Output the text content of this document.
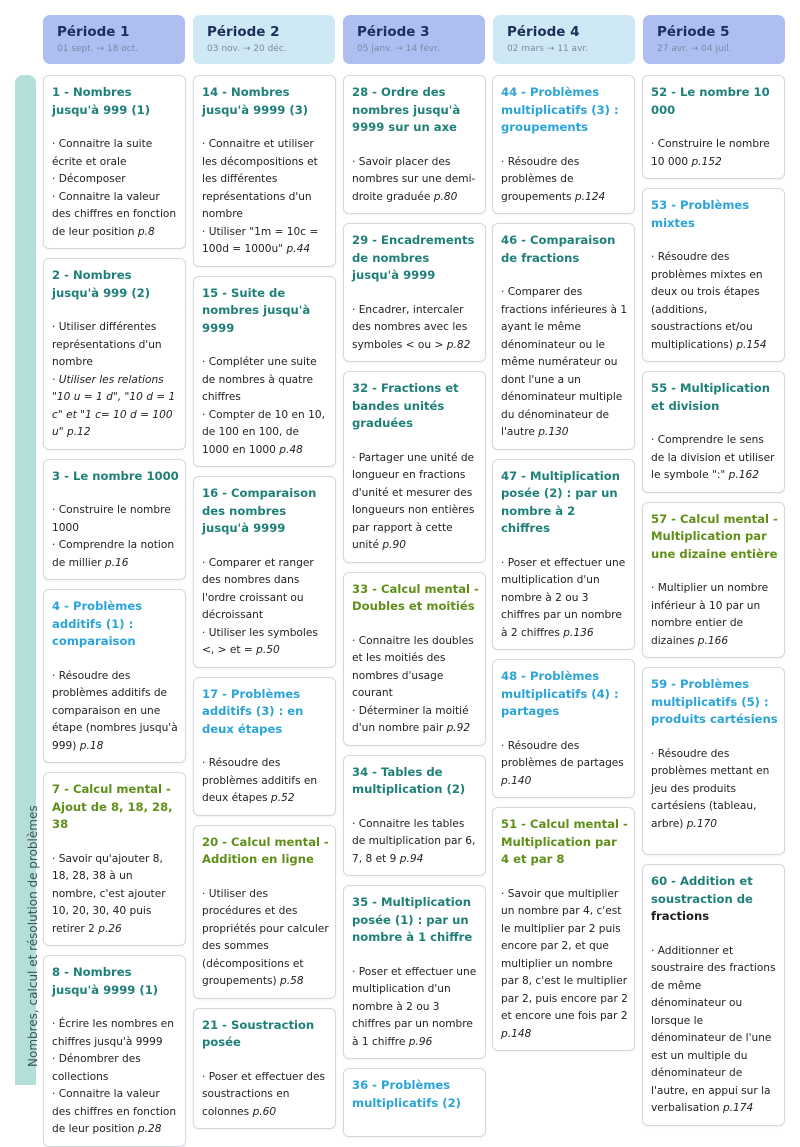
Période 1
01 sept. → 18 oct.
Période 2
03 nov. → 20 déc.
Période 3
05 janv. → 14 févr.
Période 4
02 mars → 11 avr.
Période 5
27 avr. → 04 juil.
Nombres, calcul et résolution de problèmes
1 - Nombres jusqu'à 999 (1)
· Connaitre la suite écrite et orale
· Décomposer
· Connaitre la valeur des chiffres en fonction de leur position p.8
2 - Nombres jusqu'à 999 (2)
· Utiliser différentes représentations d'un nombre
· Utiliser les relations "10 u = 1 d", "10 d = 1 c" et "1 c= 10 d = 100 u" p.12
3 - Le nombre 1000
· Construire le nombre 1000
· Comprendre la notion de millier p.16
4 - Problèmes additifs (1) : comparaison
· Résoudre des problèmes additifs de comparaison en une étape (nombres jusqu'à 999) p.18
7 - Calcul mental - Ajout de 8, 18, 28, 38
· Savoir qu'ajouter 8, 18, 28, 38 à un nombre, c'est ajouter 10, 20, 30, 40 puis retirer 2 p.26
8 - Nombres jusqu'à 9999 (1)
· Écrire les nombres en chiffres jusqu'à 9999
· Dénombrer des collections
· Connaitre la valeur des chiffres en fonction de leur position p.28
14 - Nombres jusqu'à 9999 (3)
· Connaitre et utiliser les décompositions et les différentes représentations d'un nombre
· Utiliser "1m = 10c = 100d = 1000u" p.44
15 - Suite de nombres jusqu'à 9999
· Compléter une suite de nombres à quatre chiffres
· Compter de 10 en 10, de 100 en 100, de 1000 en 1000 p.48
16 - Comparaison des nombres jusqu'à 9999
· Comparer et ranger des nombres dans l'ordre croissant ou décroissant
· Utiliser les symboles <, > et = p.50
17 - Problèmes additifs (3) : en deux étapes
· Résoudre des problèmes additifs en deux étapes p.52
20 - Calcul mental - Addition en ligne
· Utiliser des procédures et des propriétés pour calculer des sommes (décompositions et groupements) p.58
21 - Soustraction posée
· Poser et effectuer des soustractions en colonnes p.60
28 - Ordre des nombres jusqu'à 9999 sur un axe
· Savoir placer des nombres sur une demi-droite graduée p.80
29 - Encadrements de nombres jusqu'à 9999
· Encadrer, intercaler des nombres avec les symboles < ou > p.82
32 - Fractions et bandes unités graduées
· Partager une unité de longueur en fractions d'unité et mesurer des longueurs non entières par rapport à cette unité p.90
33 - Calcul mental - Doubles et moitiés
· Connaitre les doubles et les moitiés des nombres d'usage courant
· Déterminer la moitié d'un nombre pair p.92
34 - Tables de multiplication (2)
· Connaitre les tables de multiplication par 6, 7, 8 et 9 p.94
35 - Multiplication posée (1) : par un nombre à 1 chiffre
· Poser et effectuer une multiplication d'un nombre à 2 ou 3 chiffres par un nombre à 1 chiffre p.96
36 - Problèmes multiplicatifs (2)
44 - Problèmes multiplicatifs (3) : groupements
· Résoudre des problèmes de groupements p.124
46 - Comparaison de fractions
· Comparer des fractions inférieures à 1 ayant le même dénominateur ou le même numérateur ou dont l'une a un dénominateur multiple du dénominateur de l'autre p.130
47 - Multiplication posée (2) : par un nombre à 2 chiffres
· Poser et effectuer une multiplication d'un nombre à 2 ou 3 chiffres par un nombre à 2 chiffres p.136
48 - Problèmes multiplicatifs (4) : partages
· Résoudre des problèmes de partages p.140
51 - Calcul mental - Multiplication par 4 et par 8
· Savoir que multiplier un nombre par 4, c'est le multiplier par 2 puis encore par 2, et que multiplier un nombre par 8, c'est le multiplier par 2, puis encore par 2 et encore une fois par 2 p.148
52 - Le nombre 10 000
· Construire le nombre 10 000 p.152
53 - Problèmes mixtes
· Résoudre des problèmes mixtes en deux ou trois étapes (additions, soustractions et/ou multiplications) p.154
55 - Multiplication et division
· Comprendre le sens de la division et utiliser le symbole ":" p.162
57 - Calcul mental - Multiplication par une dizaine entière
· Multiplier un nombre inférieur à 10 par un nombre entier de dizaines p.166
59 - Problèmes multiplicatifs (5) : produits cartésiens
· Résoudre des problèmes mettant en jeu des produits cartésiens (tableau, arbre) p.170
60 - Addition et soustraction de fractions
· Additionner et soustraire des fractions de même dénominateur ou lorsque le dénominateur de l'une est un multiple du dénominateur de l'autre, en appui sur la verbalisation p.174
